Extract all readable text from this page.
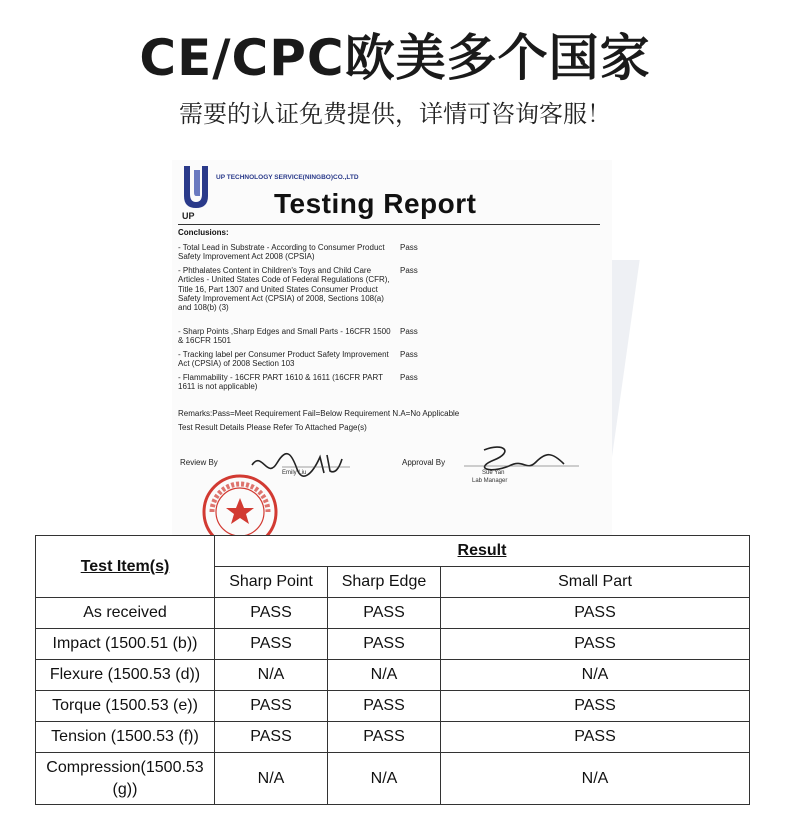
CE/CPC欧美多个国家
需要的认证免费提供，详情可咨询客服！
UP TECHNOLOGY SERVICE(NINGBO)CO.,LTD
UP	Testing Report
Conclusions:
- Total Lead in Substrate - According to Consumer Product Safety Improvement Act 2008 (CPSIA)
Pass
- Phthalates Content in Children's Toys and Child Care Articles - United States Code of Federal Regulations (CFR), Title 16, Part 1307 and United States Consumer Product Safety Improvement Act (CPSIA) of 2008, Sections 108(a) and 108(b) (3)
Pass
- Sharp Points ,Sharp Edges and Small Parts - 16CFR 1500 & 16CFR 1501
Pass
- Tracking label per Consumer Product Safety Improvement Act (CPSIA) of 2008 Section 103
Pass
- Flammability - 16CFR PART 1610 & 1611 (16CFR PART 1611 is not applicable)
Pass
Remarks:Pass=Meet Requirement Fail=Below Requirement N.A=No Applicable
Test Result Details Please Refer To Attached Page(s)
Review By
Emily Liu
Approval By
Sue Yan
Lab Manager
Test Item(s)	Result		
	Sharp Point	Sharp Edge	Small Part
As received	PASS	PASS	PASS
Impact (1500.51 (b))	PASS	PASS	PASS
Flexure (1500.53 (d))	N/A	N/A	N/A
Torque (1500.53 (e))	PASS	PASS	PASS
Tension (1500.53 (f))	PASS	PASS	PASS
Compression(1500.53 (g))	N/A	N/A	N/A
